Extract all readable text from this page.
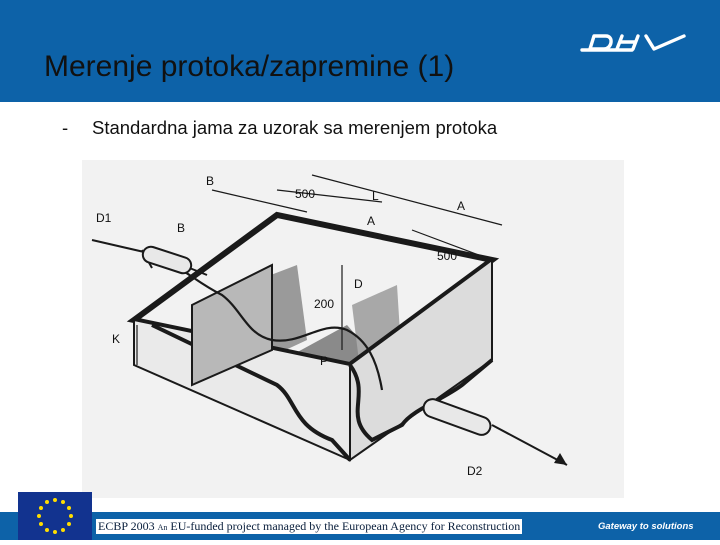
Merenje protoka/zapremine (1)
- Standardna jama za uzorak sa merenjem protoka
B
B
L
A
A
500
500
200
D
K
P
D1
D2
ECBP 2003 An EU-funded project managed by the European Agency for Reconstruction	Gateway to solutions
